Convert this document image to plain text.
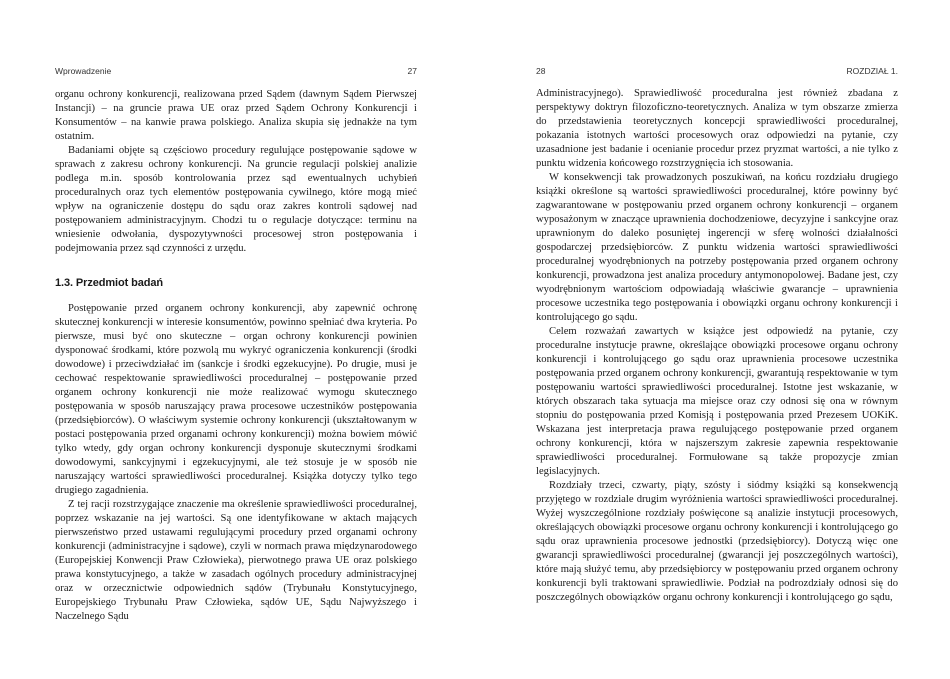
Wprowadzenie	27

organu ochrony konkurencji, realizowana przed Sądem (dawnym Sądem Pierwszej Instancji) – na gruncie prawa UE oraz przed Sądem Ochrony Konkurencji i Konsumentów – na kanwie prawa polskiego. Analiza skupia się jednakże na tym ostatnim.

Badaniami objęte są częściowo procedury regulujące postępowanie sądowe w sprawach z zakresu ochrony konkurencji. Na gruncie regulacji polskiej analizie podlega m.in. sposób kontrolowania przez sąd ewentualnych uchybień proceduralnych oraz tych elementów postępowania cywilnego, które mogą mieć wpływ na ograniczenie dostępu do sądu oraz zakres kontroli sądowej nad postępowaniem administracyjnym. Chodzi tu o regulacje dotyczące: terminu na wniesienie odwołania, dyspozytywności procesowej stron postępowania i podejmowania przez sąd czynności z urzędu.

1.3. Przedmiot badań

Postępowanie przed organem ochrony konkurencji, aby zapewnić ochronę skutecznej konkurencji w interesie konsumentów, powinno spełniać dwa kryteria. Po pierwsze, musi być ono skuteczne – organ ochrony konkurencji powinien dysponować środkami, które pozwolą mu wykryć ograniczenia konkurencji (środki dowodowe) i przeciwdziałać im (sankcje i środki egzekucyjne). Po drugie, musi je cechować respektowanie sprawiedliwości proceduralnej – postępowanie przed organem ochrony konkurencji nie może realizować wymogu skutecznego postępowania w sposób naruszający prawa procesowe uczestników postępowania (przedsiębiorców). O właściwym systemie ochrony konkurencji (ukształtowanym w postaci postępowania przed organami ochrony konkurencji) można bowiem mówić tylko wtedy, gdy organ ochrony konkurencji dysponuje skutecznymi środkami dowodowymi, sankcyjnymi i egzekucyjnymi, ale też stosuje je w sposób nie naruszający wartości sprawiedliwości proceduralnej. Książka dotyczy tylko tego drugiego zagadnienia.

Z tej racji rozstrzygające znaczenie ma określenie sprawiedliwości proceduralnej, poprzez wskazanie na jej wartości. Są one identyfikowane w aktach mających pierwszeństwo przed ustawami regulującymi procedury przed organami ochrony konkurencji (administracyjne i sądowe), czyli w normach prawa międzynarodowego (Europejskiej Konwencji Praw Człowieka), pierwotnego prawa UE oraz polskiego prawa konstytucyjnego, a także w zasadach ogólnych procedury administracyjnej oraz w orzecznictwie odpowiednich sądów (Trybunału Konstytucyjnego, Europejskiego Trybunału Praw Człowieka, sądów UE, Sądu Najwyższego i Naczelnego Sądu

28	ROZDZIAŁ 1.

Administracyjnego). Sprawiedliwość proceduralna jest również zbadana z perspektywy doktryn filozoficzno-teoretycznych. Analiza w tym obszarze zmierza do przedstawienia teoretycznych koncepcji sprawiedliwości proceduralnej, pokazania istotnych wartości procesowych oraz odpowiedzi na pytanie, czy uzasadnione jest badanie i ocenianie procedur przez pryzmat wartości, a nie tylko z punktu widzenia końcowego rozstrzygnięcia ich stosowania.

W konsekwencji tak prowadzonych poszukiwań, na końcu rozdziału drugiego książki określone są wartości sprawiedliwości proceduralnej, które powinny być zagwarantowane w postępowaniu przed organem ochrony konkurencji – organem wyposażonym w znaczące uprawnienia dochodzeniowe, decyzyjne i sankcyjne oraz uprawnionym do daleko posuniętej ingerencji w sferę wolności działalności gospodarczej przedsiębiorców. Z punktu widzenia wartości sprawiedliwości proceduralnej wyodrębnionych na potrzeby postępowania przed organem ochrony konkurencji, prowadzona jest analiza procedury antymonopolowej. Badane jest, czy wyodrębnionym wartościom odpowiadają właściwie gwarancje – uprawnienia procesowe uczestnika tego postępowania i obowiązki organu ochrony konkurencji i kontrolującego go sądu.

Celem rozważań zawartych w książce jest odpowiedź na pytanie, czy proceduralne instytucje prawne, określające obowiązki procesowe organu ochrony konkurencji i kontrolującego go sądu oraz uprawnienia procesowe uczestnika postępowania przed organem ochrony konkurencji, gwarantują respektowanie w tym postępowaniu wartości sprawiedliwości proceduralnej. Istotne jest wskazanie, w których obszarach taka sytuacja ma miejsce oraz czy odnosi się ona w równym stopniu do postępowania przed Komisją i postępowania przed Prezesem UOKiK. Wskazana jest interpretacja prawa regulującego postępowanie przed organem ochrony konkurencji, która w najszerszym zakresie zapewnia respektowanie sprawiedliwości proceduralnej. Formułowane są także propozycje zmian legislacyjnych.

Rozdziały trzeci, czwarty, piąty, szósty i siódmy książki są konsekwencją przyjętego w rozdziale drugim wyróżnienia wartości sprawiedliwości proceduralnej. Wyżej wyszczególnione rozdziały poświęcone są analizie instytucji procesowych, określających obowiązki procesowe organu ochrony konkurencji i kontrolującego go sądu oraz uprawnienia procesowe jednostki (przedsiębiorcy). Dotyczą więc one gwarancji sprawiedliwości proceduralnej (gwarancji jej poszczególnych wartości), które mają służyć temu, aby przedsiębiorcy w postępowaniu przed organem ochrony konkurencji byli traktowani sprawiedliwie. Podział na podrozdziały odnosi się do poszczególnych obowiązków organu ochrony konkurencji i kontrolującego go sądu,
